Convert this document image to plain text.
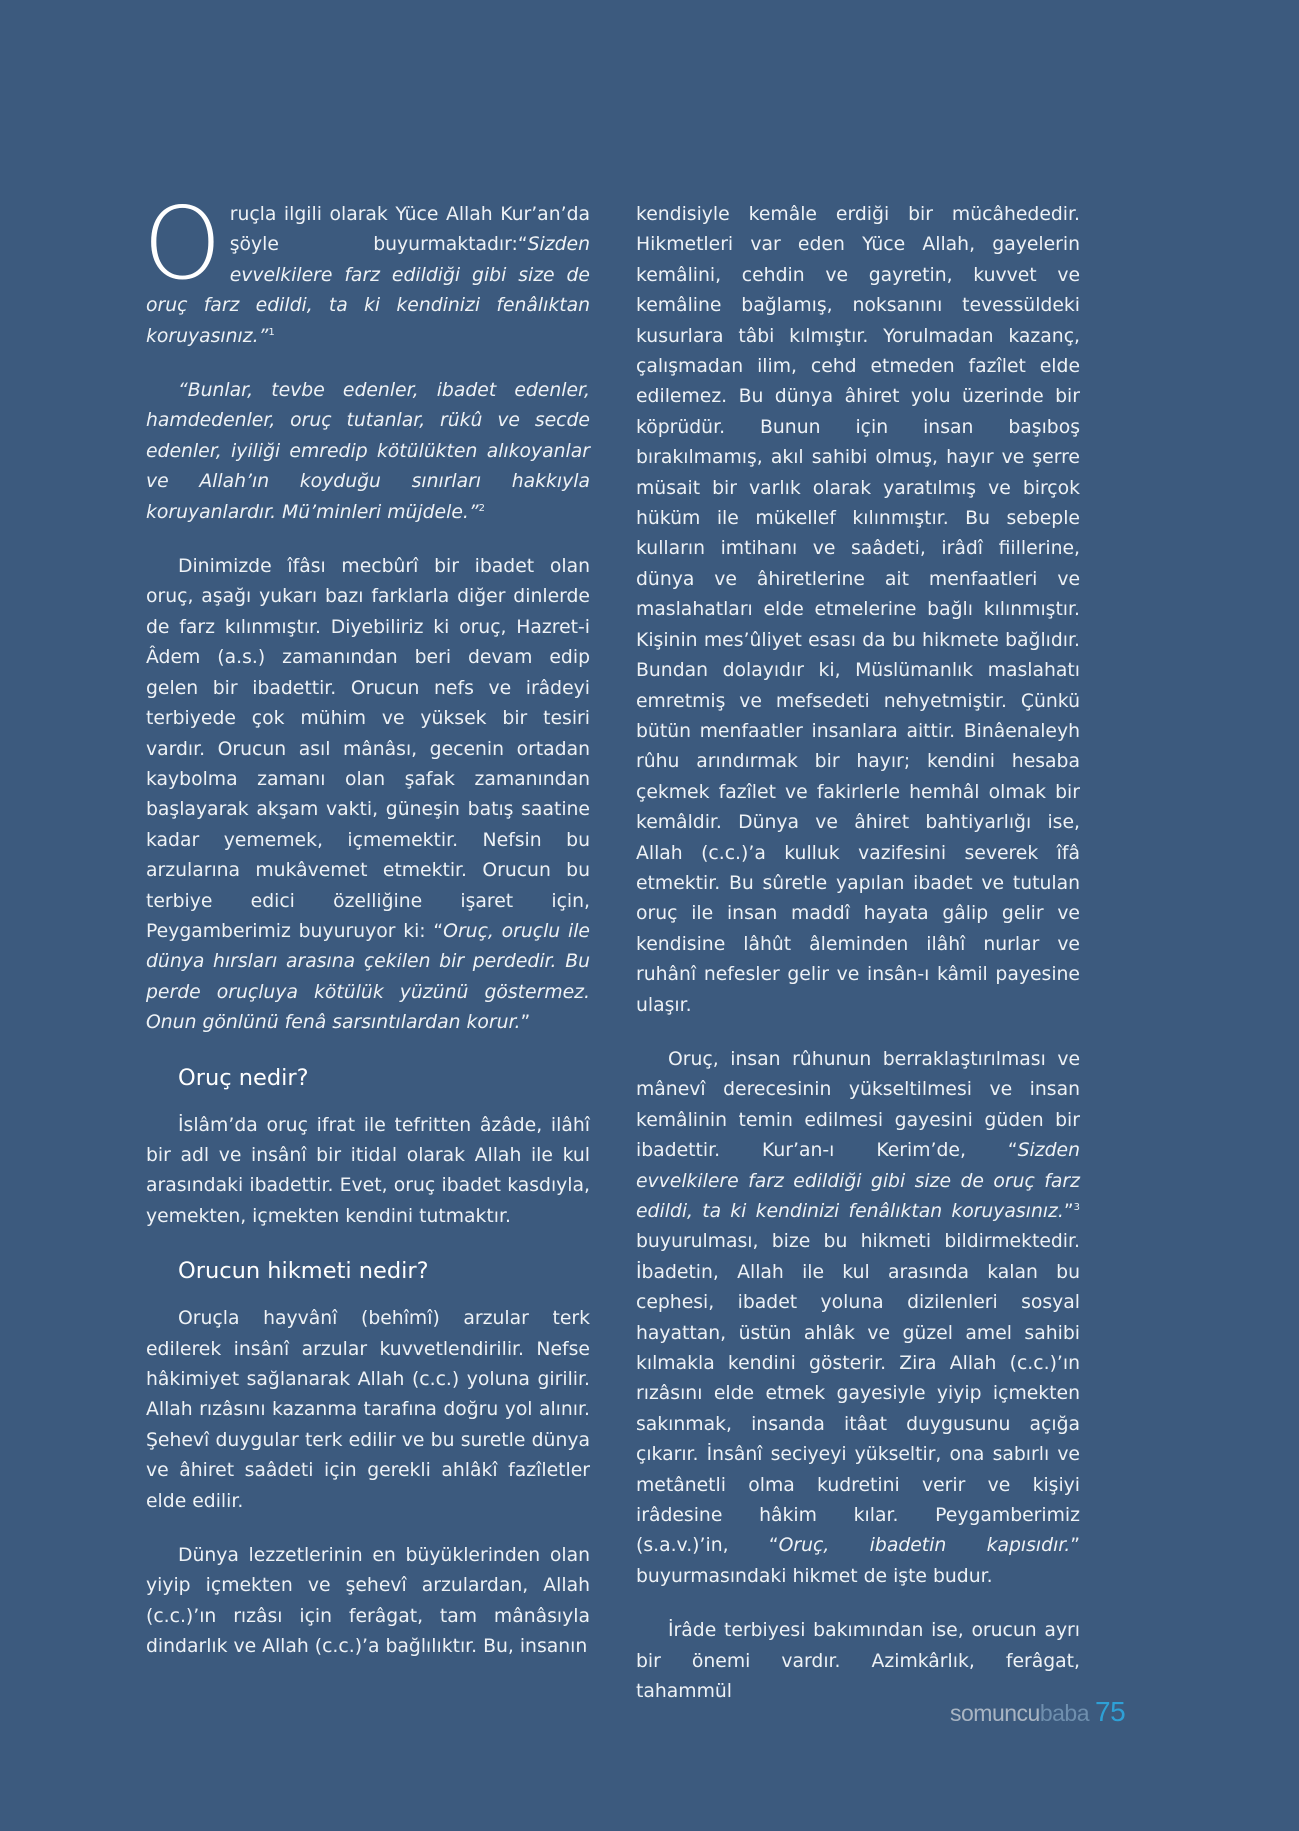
Oruçla ilgili olarak Yüce Allah Kur’an’da şöyle buyurmaktadır:“Sizden evvelkilere farz edildiği gibi size de oruç farz edildi, ta ki kendinizi fenâlıktan koruyasınız.”$^1$

“Bunlar, tevbe edenler, ibadet edenler, hamdedenler, oruç tutanlar, rükû ve secde edenler, iyiliği emredip kötülükten alıkoyanlar ve Allah’ın koyduğu sınırları hakkıyla koruyanlardır. Mü’minleri müjdele.”$^2$

Dinimizde îfâsı mecbûrî bir ibadet olan oruç, aşağı yukarı bazı farklarla diğer dinlerde de farz kılınmıştır. Diyebiliriz ki oruç, Hazret-i Âdem (a.s.) zamanından beri devam edip gelen bir ibadettir. Orucun nefs ve irâdeyi terbiyede çok mühim ve yüksek bir tesiri vardır. Orucun asıl mânâsı, gecenin ortadan kaybolma zamanı olan şafak zamanından başlayarak akşam vakti, güneşin batış saatine kadar yememek, içmemektir. Nefsin bu arzularına mukâvemet etmektir. Orucun bu terbiye edici özelliğine işaret için, Peygamberimiz buyuruyor ki: “Oruç, oruçlu ile dünya hırsları arasına çekilen bir perdedir. Bu perde oruçluya kötülük yüzünü göstermez. Onun gönlünü fenâ sarsıntılardan korur.”

Oruç nedir?

İslâm’da oruç ifrat ile tefritten âzâde, ilâhî bir adl ve insânî bir itidal olarak Allah ile kul arasındaki ibadettir. Evet, oruç ibadet kasdıyla, yemekten, içmekten kendini tutmaktır.

Orucun hikmeti nedir?

Oruçla hayvânî (behîmî) arzular terk edilerek insânî arzular kuvvetlendirilir. Nefse hâkimiyet sağlanarak Allah (c.c.) yoluna girilir. Allah rızâsını kazanma tarafına doğru yol alınır. Şehevî duygular terk edilir ve bu suretle dünya ve âhiret saâdeti için gerekli ahlâkî fazîletler elde edilir.

Dünya lezzetlerinin en büyüklerinden olan yiyip içmekten ve şehevî arzulardan, Allah (c.c.)’ın rızâsı için ferâgat, tam mânâsıyla dindarlık ve Allah (c.c.)’a bağlılıktır. Bu, insanın

kendisiyle kemâle erdiği bir mücâhededir. Hikmetleri var eden Yüce Allah, gayelerin kemâlini, cehdin ve gayretin, kuvvet ve kemâline bağlamış, noksanını tevessüldeki kusurlara tâbi kılmıştır. Yorulmadan kazanç, çalışmadan ilim, cehd etmeden fazîlet elde edilemez. Bu dünya âhiret yolu üzerinde bir köprüdür. Bunun için insan başıboş bırakılmamış, akıl sahibi olmuş, hayır ve şerre müsait bir varlık olarak yaratılmış ve birçok hüküm ile mükellef kılınmıştır. Bu sebeple kulların imtihanı ve saâdeti, irâdî fiillerine, dünya ve âhiretlerine ait menfaatleri ve maslahatları elde etmelerine bağlı kılınmıştır. Kişinin mes’ûliyet esası da bu hikmete bağlıdır. Bundan dolayıdır ki, Müslümanlık maslahatı emretmiş ve mefsedeti nehyetmiştir. Çünkü bütün menfaatler insanlara aittir. Binâenaleyh rûhu arındırmak bir hayır; kendini hesaba çekmek fazîlet ve fakirlerle hemhâl olmak bir kemâldir. Dünya ve âhiret bahtiyarlığı ise, Allah (c.c.)’a kulluk vazifesini severek îfâ etmektir. Bu sûretle yapılan ibadet ve tutulan oruç ile insan maddî hayata gâlip gelir ve kendisine lâhût âleminden ilâhî nurlar ve ruhânî nefesler gelir ve insân-ı kâmil payesine ulaşır.

Oruç, insan rûhunun berraklaştırılması ve mânevî derecesinin yükseltilmesi ve insan kemâlinin temin edilmesi gayesini güden bir ibadettir. Kur’an-ı Kerim’de, “Sizden evvelkilere farz edildiği gibi size de oruç farz edildi, ta ki kendinizi fenâlıktan koruyasınız.”$^3$ buyurulması, bize bu hikmeti bildirmektedir. İbadetin, Allah ile kul arasında kalan bu cephesi, ibadet yoluna dizilenleri sosyal hayattan, üstün ahlâk ve güzel amel sahibi kılmakla kendini gösterir. Zira Allah (c.c.)’ın rızâsını elde etmek gayesiyle yiyip içmekten sakınmak, insanda itâat duygusunu açığa çıkarır. İnsânî seciyeyi yükseltir, ona sabırlı ve metânetli olma kudretini verir ve kişiyi irâdesine hâkim kılar. Peygamberimiz (s.a.v.)’in, “Oruç, ibadetin kapısıdır.” buyurmasındaki hikmet de işte budur.

İrâde terbiyesi bakımından ise, orucun ayrı bir önemi vardır. Azimkârlık, ferâgat, tahammül

somuncubaba 75
